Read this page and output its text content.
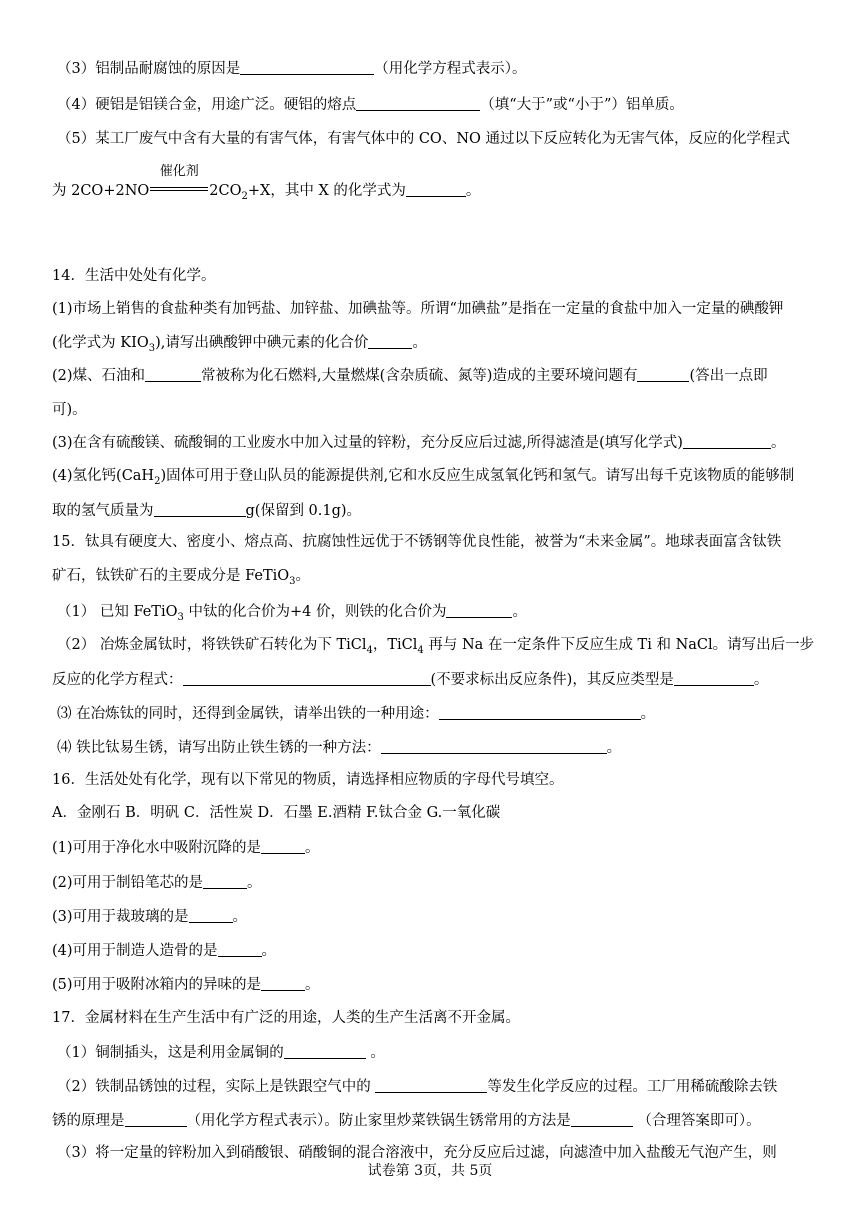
（3）铝制品耐腐蚀的原因是	（用化学方程式表示）。
（4）硬铝是铝镁合金，用途广泛。硬铝的熔点	（填“大于”或“小于”）铝单质。
（5）某工厂废气中含有大量的有害气体，有害气体中的 CO、NO 通过以下反应转化为无害气体，反应的化学程式
为 2CO+2NO
催化剂
$2CO_2+X$，其中 X 的化学式为	。
14．生活中处处有化学。
(1)市场上销售的食盐种类有加钙盐、加锌盐、加碘盐等。所谓“加碘盐”是指在一定量的食盐中加入一定量的碘酸钾
(化学式为 $KIO_3$),请写出碘酸钾中碘元素的化合价	。
(2)煤、石油和	常被称为化石燃料,大量燃煤(含杂质硫、氮等)造成的主要环境问题有	(答出一点即
可)。
(3)在含有硫酸镁、硫酸铜的工业废水中加入过量的锌粉，充分反应后过滤,所得滤渣是(填写化学式)	。
(4)氢化钙(CaH$_2$)固体可用于登山队员的能源提供剂,它和水反应生成氢氧化钙和氢气。请写出每千克该物质的能够制
取的氢气质量为	g(保留到 0.1g)。
15．钛具有硬度大、密度小、熔点高、抗腐蚀性远优于不锈钢等优良性能，被誉为“未来金属”。地球表面富含钛铁
矿石，钛铁矿石的主要成分是 FeTiO$_3$。
（1） 已知 FeTiO$_3$ 中钛的化合价为+4 价，则铁的化合价为	。
（2） 冶炼金属钛时，将铁铁矿石转化为下 TiCl$_4$，TiCl$_4$ 再与 Na 在一定条件下反应生成 Ti 和 NaCl。请写出后一步
反应的化学方程式：	(不要求标出反应条件)，其反应类型是	。
⑶ 在冶炼钛的同时，还得到金属铁，请举出铁的一种用途：	。
⑷ 铁比钛易生锈，请写出防止铁生锈的一种方法：	。
16．生活处处有化学，现有以下常见的物质，请选择相应物质的字母代号填空。
A．金刚石 B．明矾 C．活性炭 D．石墨 E.酒精 F.钛合金 G.一氧化碳
(1)可用于净化水中吸附沉降的是	。
(2)可用于制铅笔芯的是	。
(3)可用于裁玻璃的是	。
(4)可用于制造人造骨的是	。
(5)可用于吸附冰箱内的异味的是	。
17．金属材料在生产生活中有广泛的用途，人类的生产生活离不开金属。
（1）铜制插头，这是利用金属铜的	。
（2）铁制品锈蚀的过程，实际上是铁跟空气中的	等发生化学反应的过程。工厂用稀硫酸除去铁
锈的原理是	（用化学方程式表示）。防止家里炒菜铁锅生锈常用的方法是	（合理答案即可）。
（3）将一定量的锌粉加入到硝酸银、硝酸铜的混合溶液中，充分反应后过滤，向滤渣中加入盐酸无气泡产生，则
试卷第 3页，共 5页
